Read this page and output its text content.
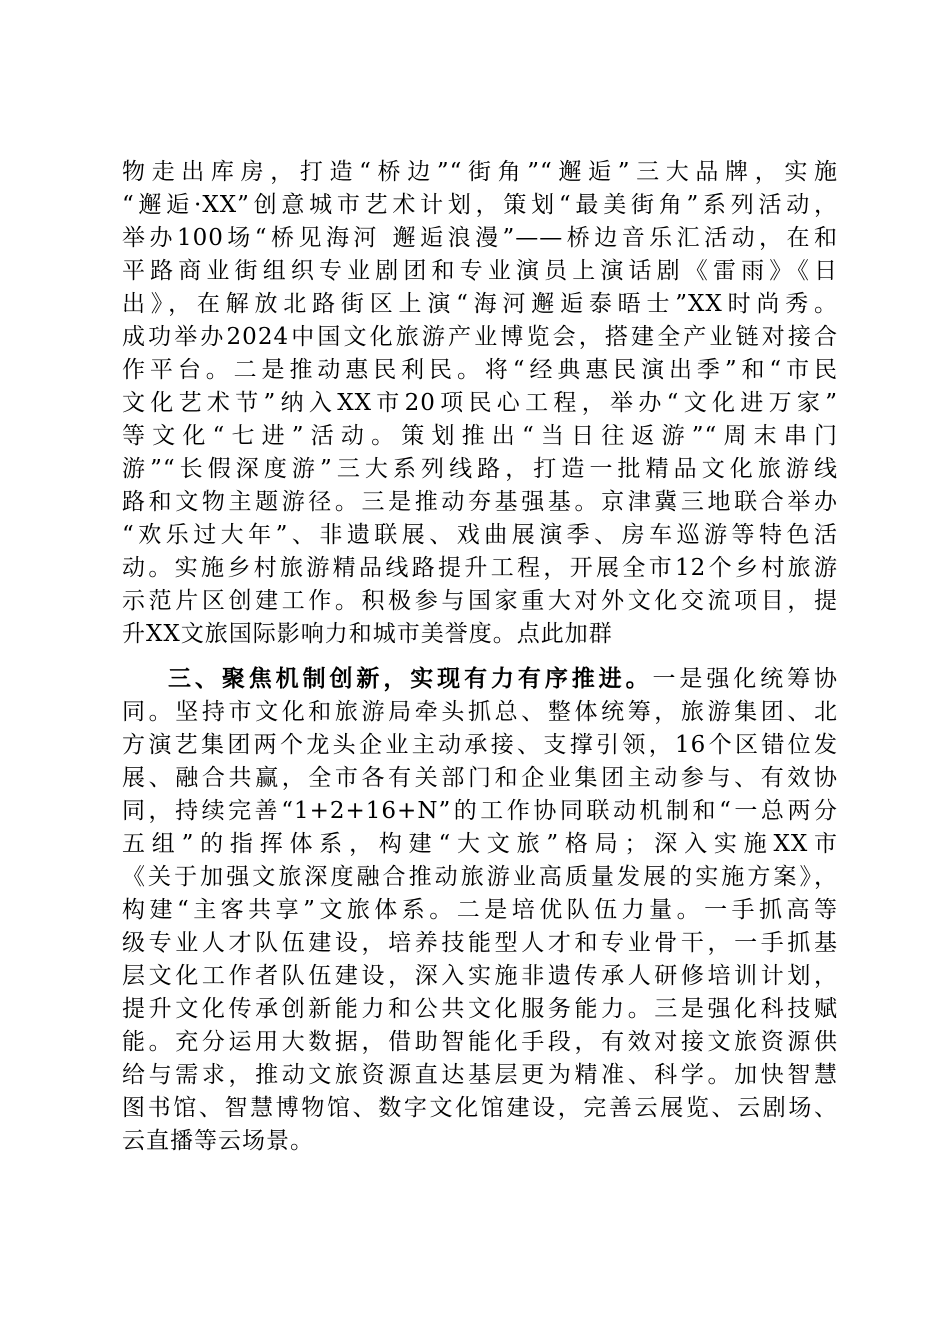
物走出库房，打造“桥边”“街角”“邂逅”三大品牌，实施
“邂逅·XX”创意城市艺术计划，策划“最美街角”系列活动，
举办100场“桥见海河 邂逅浪漫”——桥边音乐汇活动，在和
平路商业街组织专业剧团和专业演员上演话剧《雷雨》《日
出》，在解放北路街区上演“海河邂逅泰晤士”XX时尚秀。
成功举办2024中国文化旅游产业博览会，搭建全产业链对接合
作平台。二是推动惠民利民。将“经典惠民演出季”和“市民
文化艺术节”纳入XX市20项民心工程，举办“文化进万家”
等文化“七进”活动。策划推出“当日往返游”“周末串门
游”“长假深度游”三大系列线路，打造一批精品文化旅游线
路和文物主题游径。三是推动夯基强基。京津冀三地联合举办
“欢乐过大年”、非遗联展、戏曲展演季、房车巡游等特色活
动。实施乡村旅游精品线路提升工程，开展全市12个乡村旅游
示范片区创建工作。积极参与国家重大对外文化交流项目，提
升XX文旅国际影响力和城市美誉度。点此加群
三、聚焦机制创新，实现有力有序推进。一是强化统筹协
同。坚持市文化和旅游局牵头抓总、整体统筹，旅游集团、北
方演艺集团两个龙头企业主动承接、支撑引领，16个区错位发
展、融合共赢，全市各有关部门和企业集团主动参与、有效协
同，持续完善“1+2+16+N”的工作协同联动机制和“一总两分
五组”的指挥体系，构建“大文旅”格局；深入实施XX市
《关于加强文旅深度融合推动旅游业高质量发展的实施方案》，
构建“主客共享”文旅体系。二是培优队伍力量。一手抓高等
级专业人才队伍建设，培养技能型人才和专业骨干，一手抓基
层文化工作者队伍建设，深入实施非遗传承人研修培训计划，
提升文化传承创新能力和公共文化服务能力。三是强化科技赋
能。充分运用大数据，借助智能化手段，有效对接文旅资源供
给与需求，推动文旅资源直达基层更为精准、科学。加快智慧
图书馆、智慧博物馆、数字文化馆建设，完善云展览、云剧场、
云直播等云场景。
